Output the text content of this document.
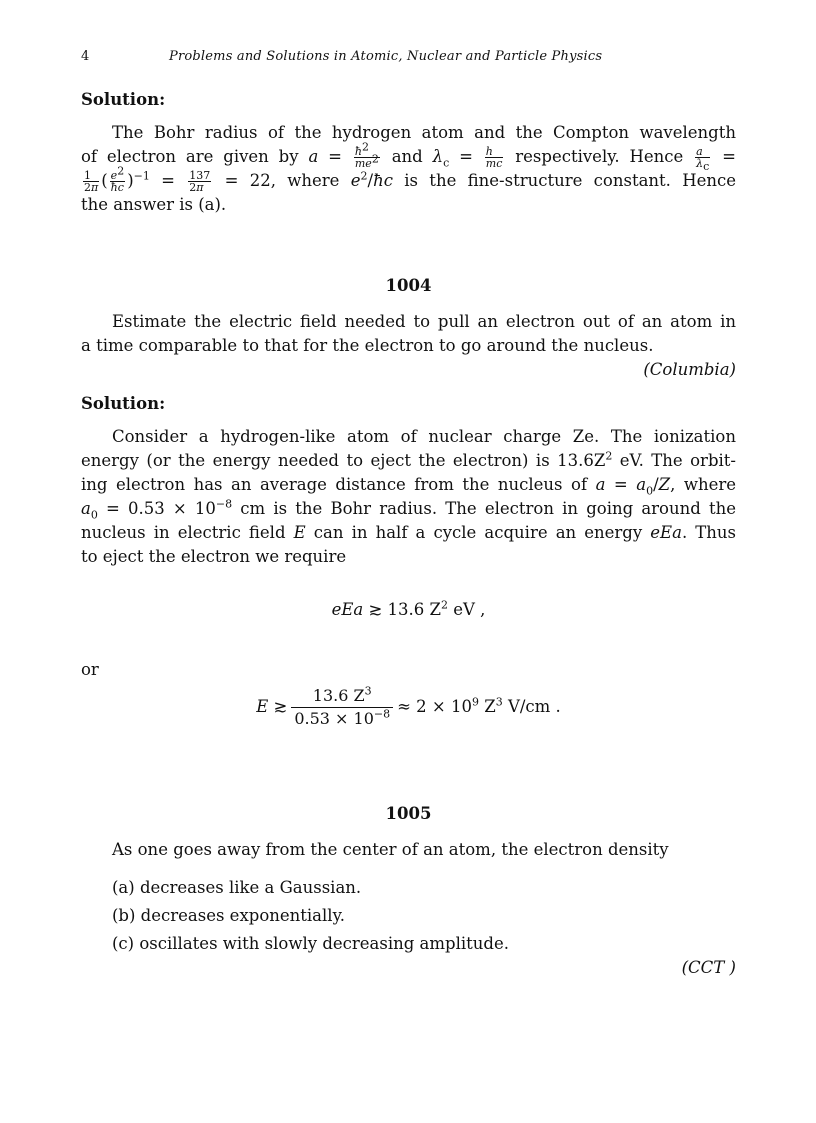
4	Problems and Solutions in Atomic, Nuclear and Particle Physics
Solution:
The Bohr radius of the hydrogen atom and the Compton wavelength
of electron are given by $a = \frac{ħ^2}{me^2}$ and $\lambda_c = \frac{h}{mc}$ respectively. Hence $\frac{a}{\lambda_c}$ =
$\frac{1}{2\pi}$ ( $\frac{e^2}{ħc} )^{-1} = \frac{137}{2\pi} = 22$, where $e^2/ħc$ is the fine-structure constant. Hence
the answer is (a).
1004
Estimate the electric field needed to pull an electron out of an atom in
a time comparable to that for the electron to go around the nucleus.
(Columbia)
Solution:
Consider a hydrogen-like atom of nuclear charge Ze. The ionization
energy (or the energy needed to eject the electron) is $13.6Z^2$ eV. The orbit-
ing electron has an average distance from the nucleus of $a = a_0/Z$, where
$a_0 = 0.53 \times 10^{-8}$ cm is the Bohr radius. The electron in going around the
nucleus in electric field E can in half a cycle acquire an energy eEa. Thus
to eject the electron we require
eEa ≳ 13.6 $Z^2$ eV ,
or
E ≳ $\frac{13.6 Z^3}{0.53 \times 10^{-8}} \approx 2 \times 10^9$ $Z^3$ V/cm .
1005
As one goes away from the center of an atom, the electron density
(a) decreases like a Gaussian.
(b) decreases exponentially.
(c) oscillates with slowly decreasing amplitude.
(CCT )
